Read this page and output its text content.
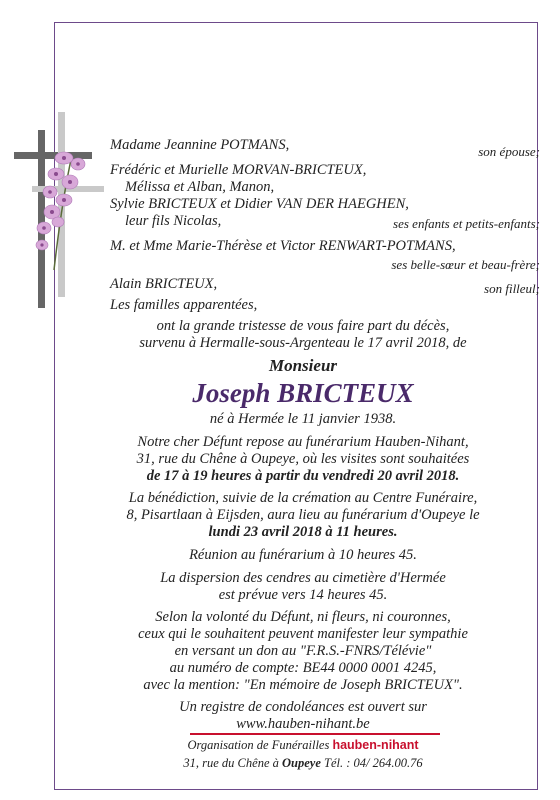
Madame Jeannine POTMANS,	son épouse;
Frédéric et Murielle MORVAN-BRICTEUX,
Mélissa et Alban, Manon,
Sylvie BRICTEUX et Didier VAN DER HAEGHEN,
leur fils Nicolas,	ses enfants et petits-enfants;
M. et Mme Marie-Thérèse et Victor RENWART-POTMANS,
ses belle-sœur et beau-frère;
Alain BRICTEUX,	son filleul;
Les familles apparentées,
ont la grande tristesse de vous faire part du décès,
survenu à Hermalle-sous-Argenteau le 17 avril 2018, de
Monsieur
Joseph BRICTEUX
né à Hermée le 11 janvier 1938.
Notre cher Défunt repose au funérarium Hauben-Nihant,
31, rue du Chêne à Oupeye, où les visites sont souhaitées
de 17 à 19 heures à partir du vendredi 20 avril 2018.
La bénédiction, suivie de la crémation au Centre Funéraire,
8, Pisartlaan à Eijsden, aura lieu au funérarium d'Oupeye le
lundi 23 avril 2018 à 11 heures.
Réunion au funérarium à 10 heures 45.
La dispersion des cendres au cimetière d'Hermée
est prévue vers 14 heures 45.
Selon la volonté du Défunt, ni fleurs, ni couronnes,
ceux qui le souhaitent peuvent manifester leur sympathie
en versant un don au "F.R.S.-FNRS/Télévie"
au numéro de compte: BE44 0000 0001 4245,
avec la mention: "En mémoire de Joseph BRICTEUX".
Un registre de condoléances est ouvert sur
www.hauben-nihant.be
Organisation de Funérailles hauben-nihant
31, rue du Chêne à Oupeye Tél. : 04/ 264.00.76
